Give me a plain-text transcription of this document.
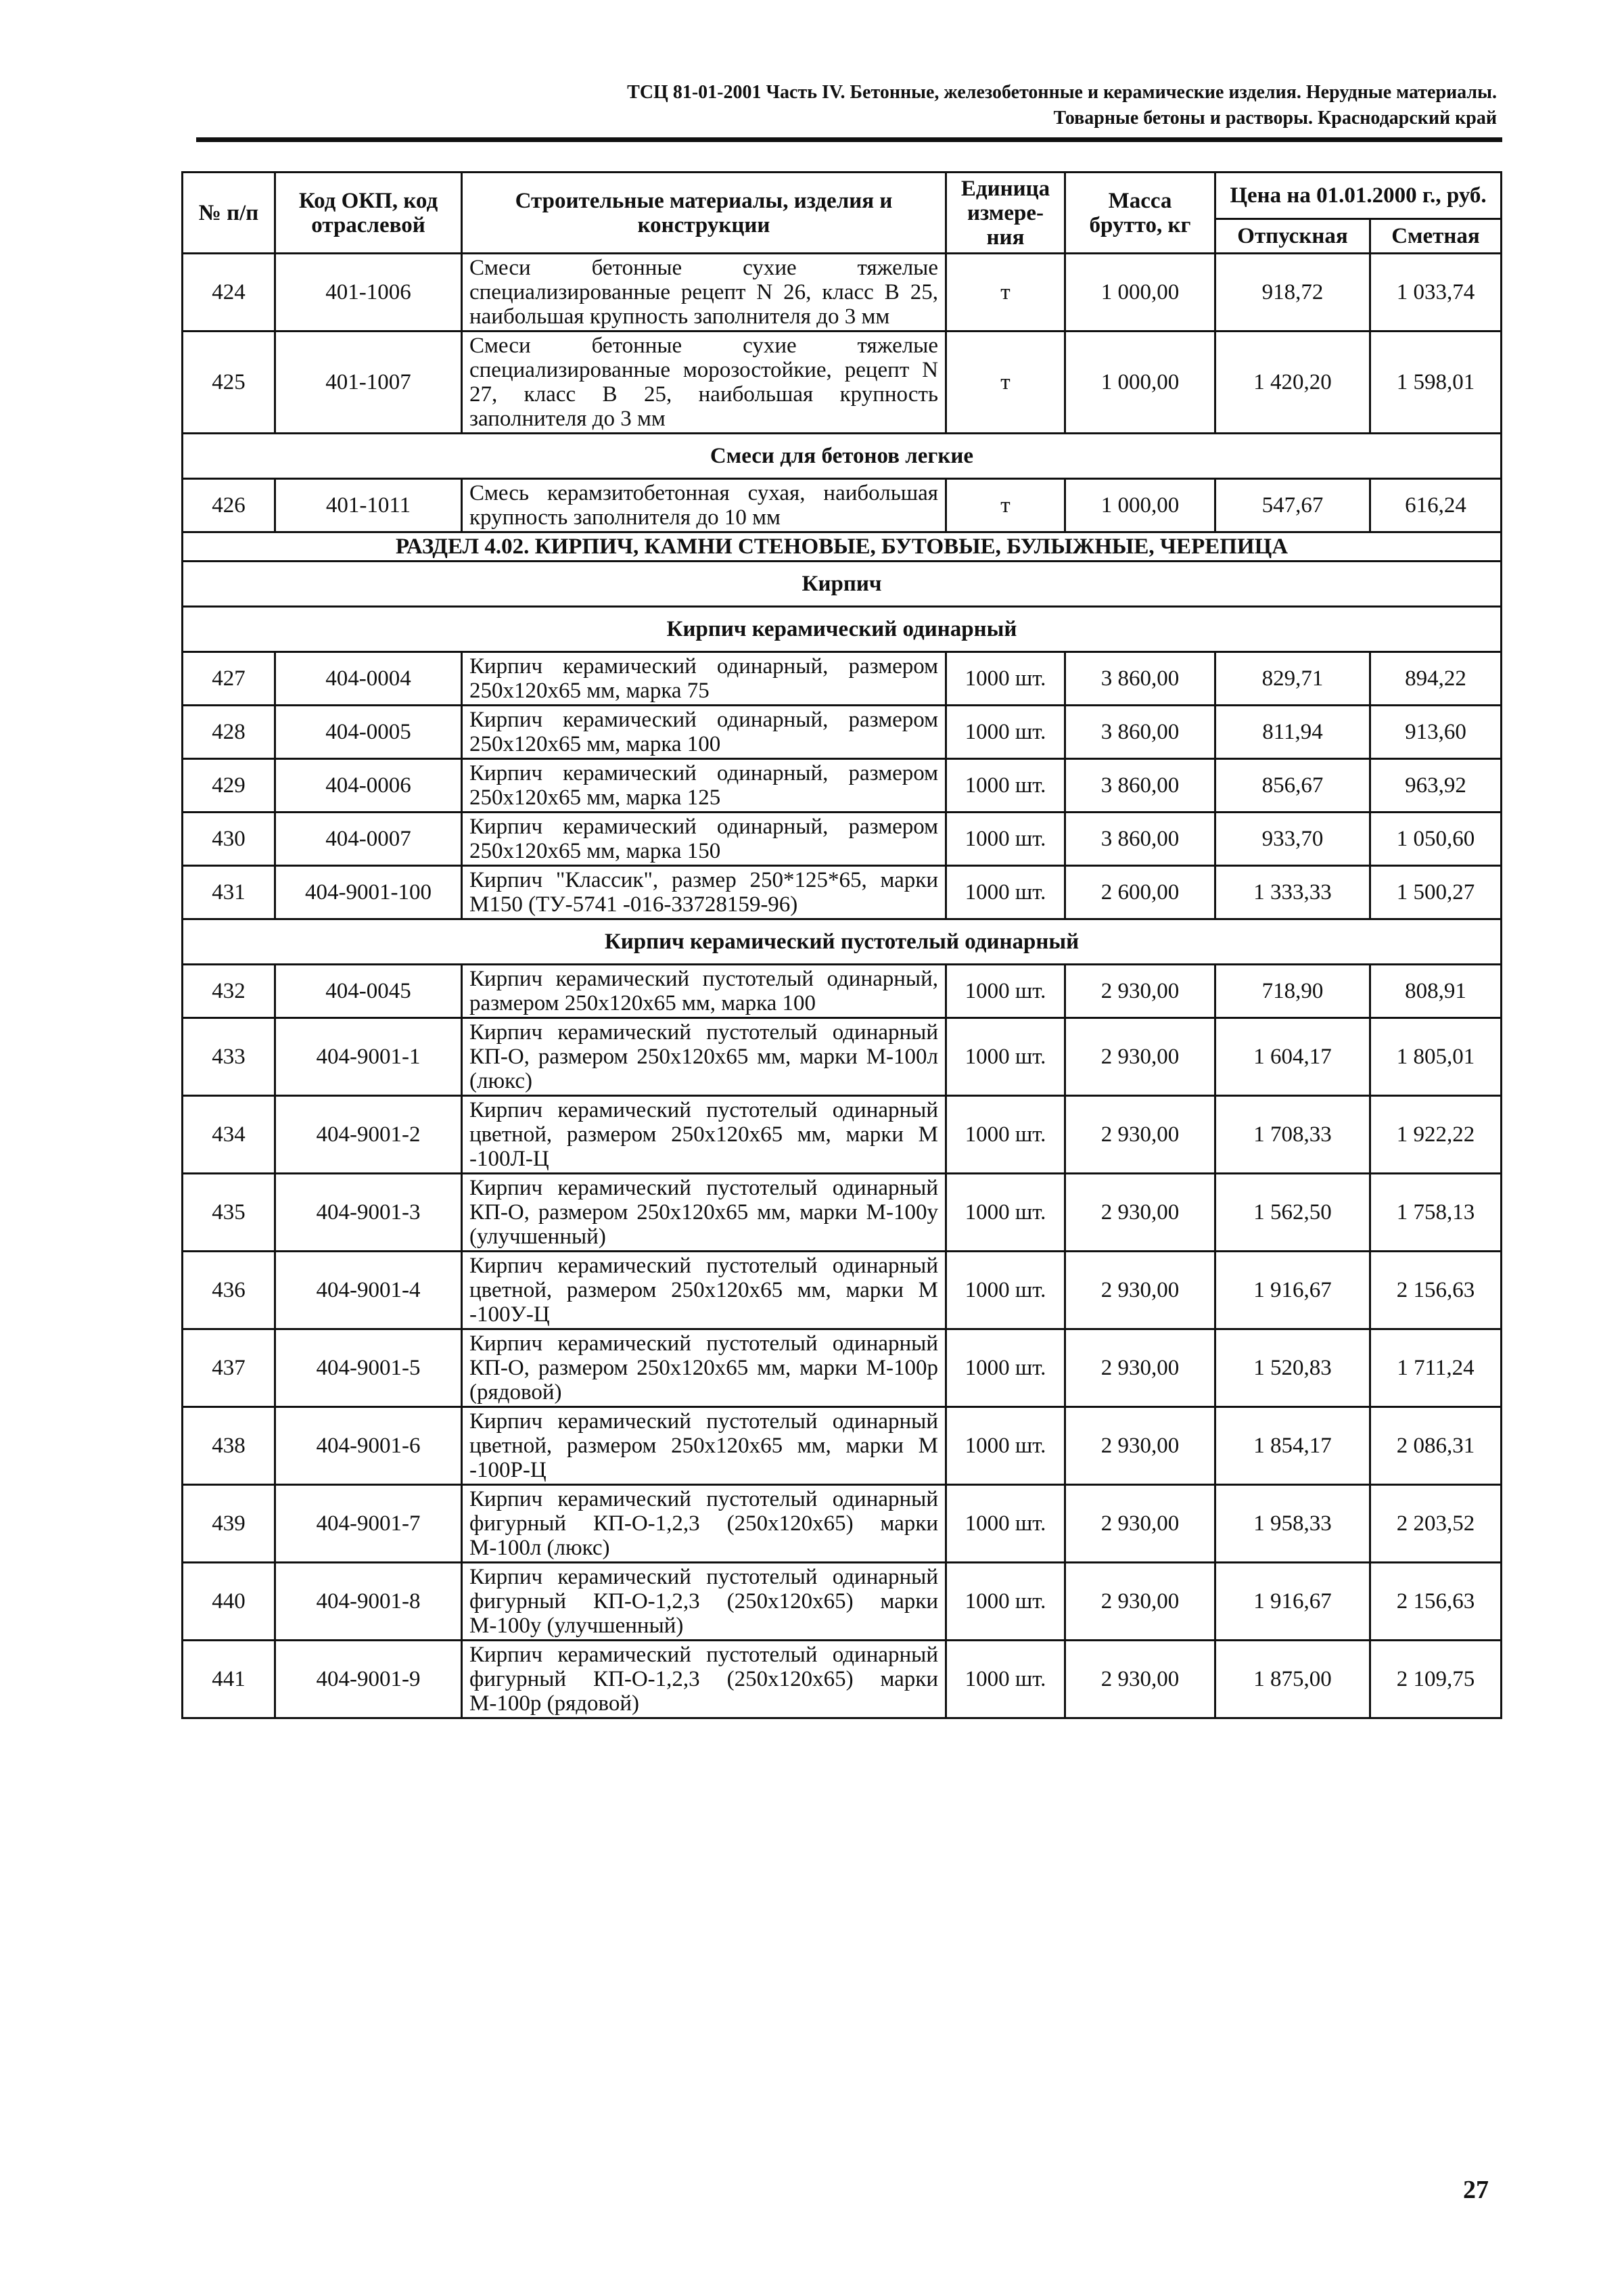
ТСЦ 81-01-2001 Часть IV. Бетонные, железобетонные и керамические изделия. Нерудные материалы.
Товарные бетоны и растворы. Краснодарский край
№ п/п	Код ОКП, код отраслевой	Строительные материалы, изделия и конструкции	Единица измере-ния	Масса брутто, кг	Цена на 01.01.2000 г., руб.	
					Отпускная	Сметная
424	401-1006	Смеси бетонные сухие тяжелые специализированные рецепт N 26, класс В 25, наибольшая крупность заполнителя до 3 мм	т	1 000,00	918,72	1 033,74
425	401-1007	Смеси бетонные сухие тяжелые специализированные морозостойкие, рецепт N 27, класс В 25, наибольшая крупность заполнителя до 3 мм	т	1 000,00	1 420,20	1 598,01
Смеси для бетонов легкие						
426	401-1011	Смесь керамзитобетонная сухая, наибольшая крупность заполнителя до 10 мм	т	1 000,00	547,67	616,24
РАЗДЕЛ 4.02. КИРПИЧ, КАМНИ СТЕНОВЫЕ, БУТОВЫЕ, БУЛЫЖНЫЕ, ЧЕРЕПИЦА						
Кирпич						
Кирпич керамический одинарный						
427	404-0004	Кирпич керамический одинарный, размером 250х120х65 мм, марка 75	1000 шт.	3 860,00	829,71	894,22
428	404-0005	Кирпич керамический одинарный, размером 250х120х65 мм, марка 100	1000 шт.	3 860,00	811,94	913,60
429	404-0006	Кирпич керамический одинарный, размером 250х120х65 мм, марка 125	1000 шт.	3 860,00	856,67	963,92
430	404-0007	Кирпич керамический одинарный, размером 250х120х65 мм, марка 150	1000 шт.	3 860,00	933,70	1 050,60
431	404-9001-100	Кирпич "Классик", размер 250*125*65, марки М150 (ТУ-5741 -016-33728159-96)	1000 шт.	2 600,00	1 333,33	1 500,27
Кирпич керамический пустотелый одинарный						
432	404-0045	Кирпич керамический пустотелый одинарный, размером 250х120х65 мм, марка 100	1000 шт.	2 930,00	718,90	808,91
433	404-9001-1	Кирпич керамический пустотелый одинарный КП-О, размером 250х120х65 мм, марки М-100л (люкс)	1000 шт.	2 930,00	1 604,17	1 805,01
434	404-9001-2	Кирпич керамический пустотелый одинарный цветной, размером 250х120х65 мм, марки М -100Л-Ц	1000 шт.	2 930,00	1 708,33	1 922,22
435	404-9001-3	Кирпич керамический пустотелый одинарный КП-О, размером 250х120х65 мм, марки М-100у (улучшенный)	1000 шт.	2 930,00	1 562,50	1 758,13
436	404-9001-4	Кирпич керамический пустотелый одинарный цветной, размером 250х120х65 мм, марки М -100У-Ц	1000 шт.	2 930,00	1 916,67	2 156,63
437	404-9001-5	Кирпич керамический пустотелый одинарный КП-О, размером 250х120х65 мм, марки М-100р (рядовой)	1000 шт.	2 930,00	1 520,83	1 711,24
438	404-9001-6	Кирпич керамический пустотелый одинарный цветной, размером 250х120х65 мм, марки М -100Р-Ц	1000 шт.	2 930,00	1 854,17	2 086,31
439	404-9001-7	Кирпич керамический пустотелый одинарный фигурный КП-О-1,2,3 (250х120х65) марки М-100л (люкс)	1000 шт.	2 930,00	1 958,33	2 203,52
440	404-9001-8	Кирпич керамический пустотелый одинарный фигурный КП-О-1,2,3 (250х120х65) марки М-100у (улучшенный)	1000 шт.	2 930,00	1 916,67	2 156,63
441	404-9001-9	Кирпич керамический пустотелый одинарный фигурный КП-О-1,2,3 (250х120х65) марки М-100р (рядовой)	1000 шт.	2 930,00	1 875,00	2 109,75
27
